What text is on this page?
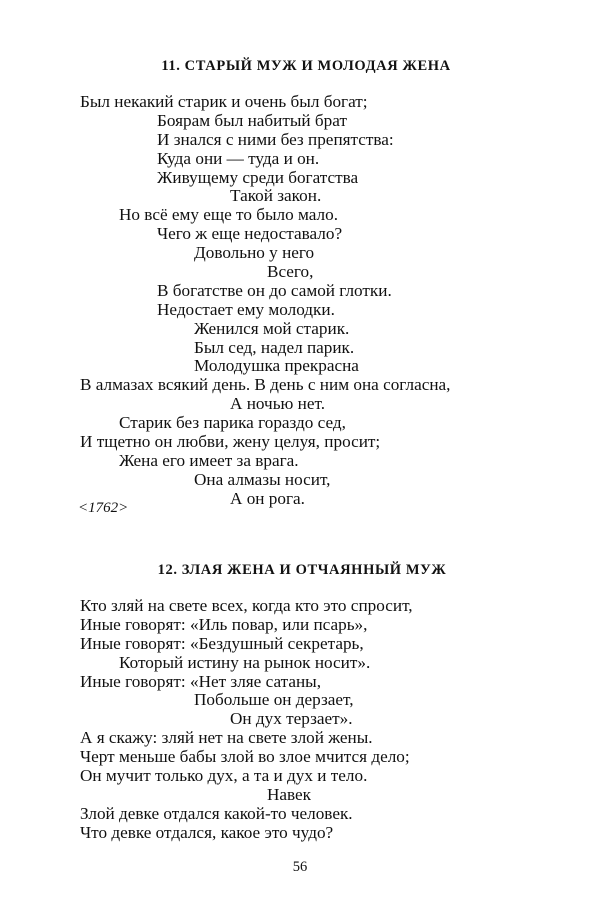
11. СТАРЫЙ МУЖ И МОЛОДАЯ ЖЕНА
Был некакий старик и очень был богат;
Боярам был набитый брат
И знался с ними без препятства:
Куда они — туда и он.
Живущему среди богатства
Такой закон.
Но всё ему еще то было мало.
Чего ж еще недоставало?
Довольно у него
Всего,
В богатстве он до самой глотки.
Недостает ему молодки.
Женился мой старик.
Был сед, надел парик.
Молодушка прекрасна
В алмазах всякий день. В день с ним она согласна,
А ночью нет.
Старик без парика гораздо сед,
И тщетно он любви, жену целуя, просит;
Жена его имеет за врага.
Она алмазы носит,
А он рога.
<1762>
12. ЗЛАЯ ЖЕНА И ОТЧАЯННЫЙ МУЖ
Кто зляй на свете всех, когда кто это спросит,
Иные говорят: «Иль повар, или псарь»,
Иные говорят: «Бездушный секретарь,
Который истину на рынок носит».
Иные говорят: «Нет зляе сатаны,
Побольше он дерзает,
Он дух терзает».
А я скажу: зляй нет на свете злой жены.
Черт меньше бабы злой во злое мчится дело;
Он мучит только дух, а та и дух и тело.
Навек
Злой девке отдался какой-то человек.
Что девке отдался, какое это чудо?
56
